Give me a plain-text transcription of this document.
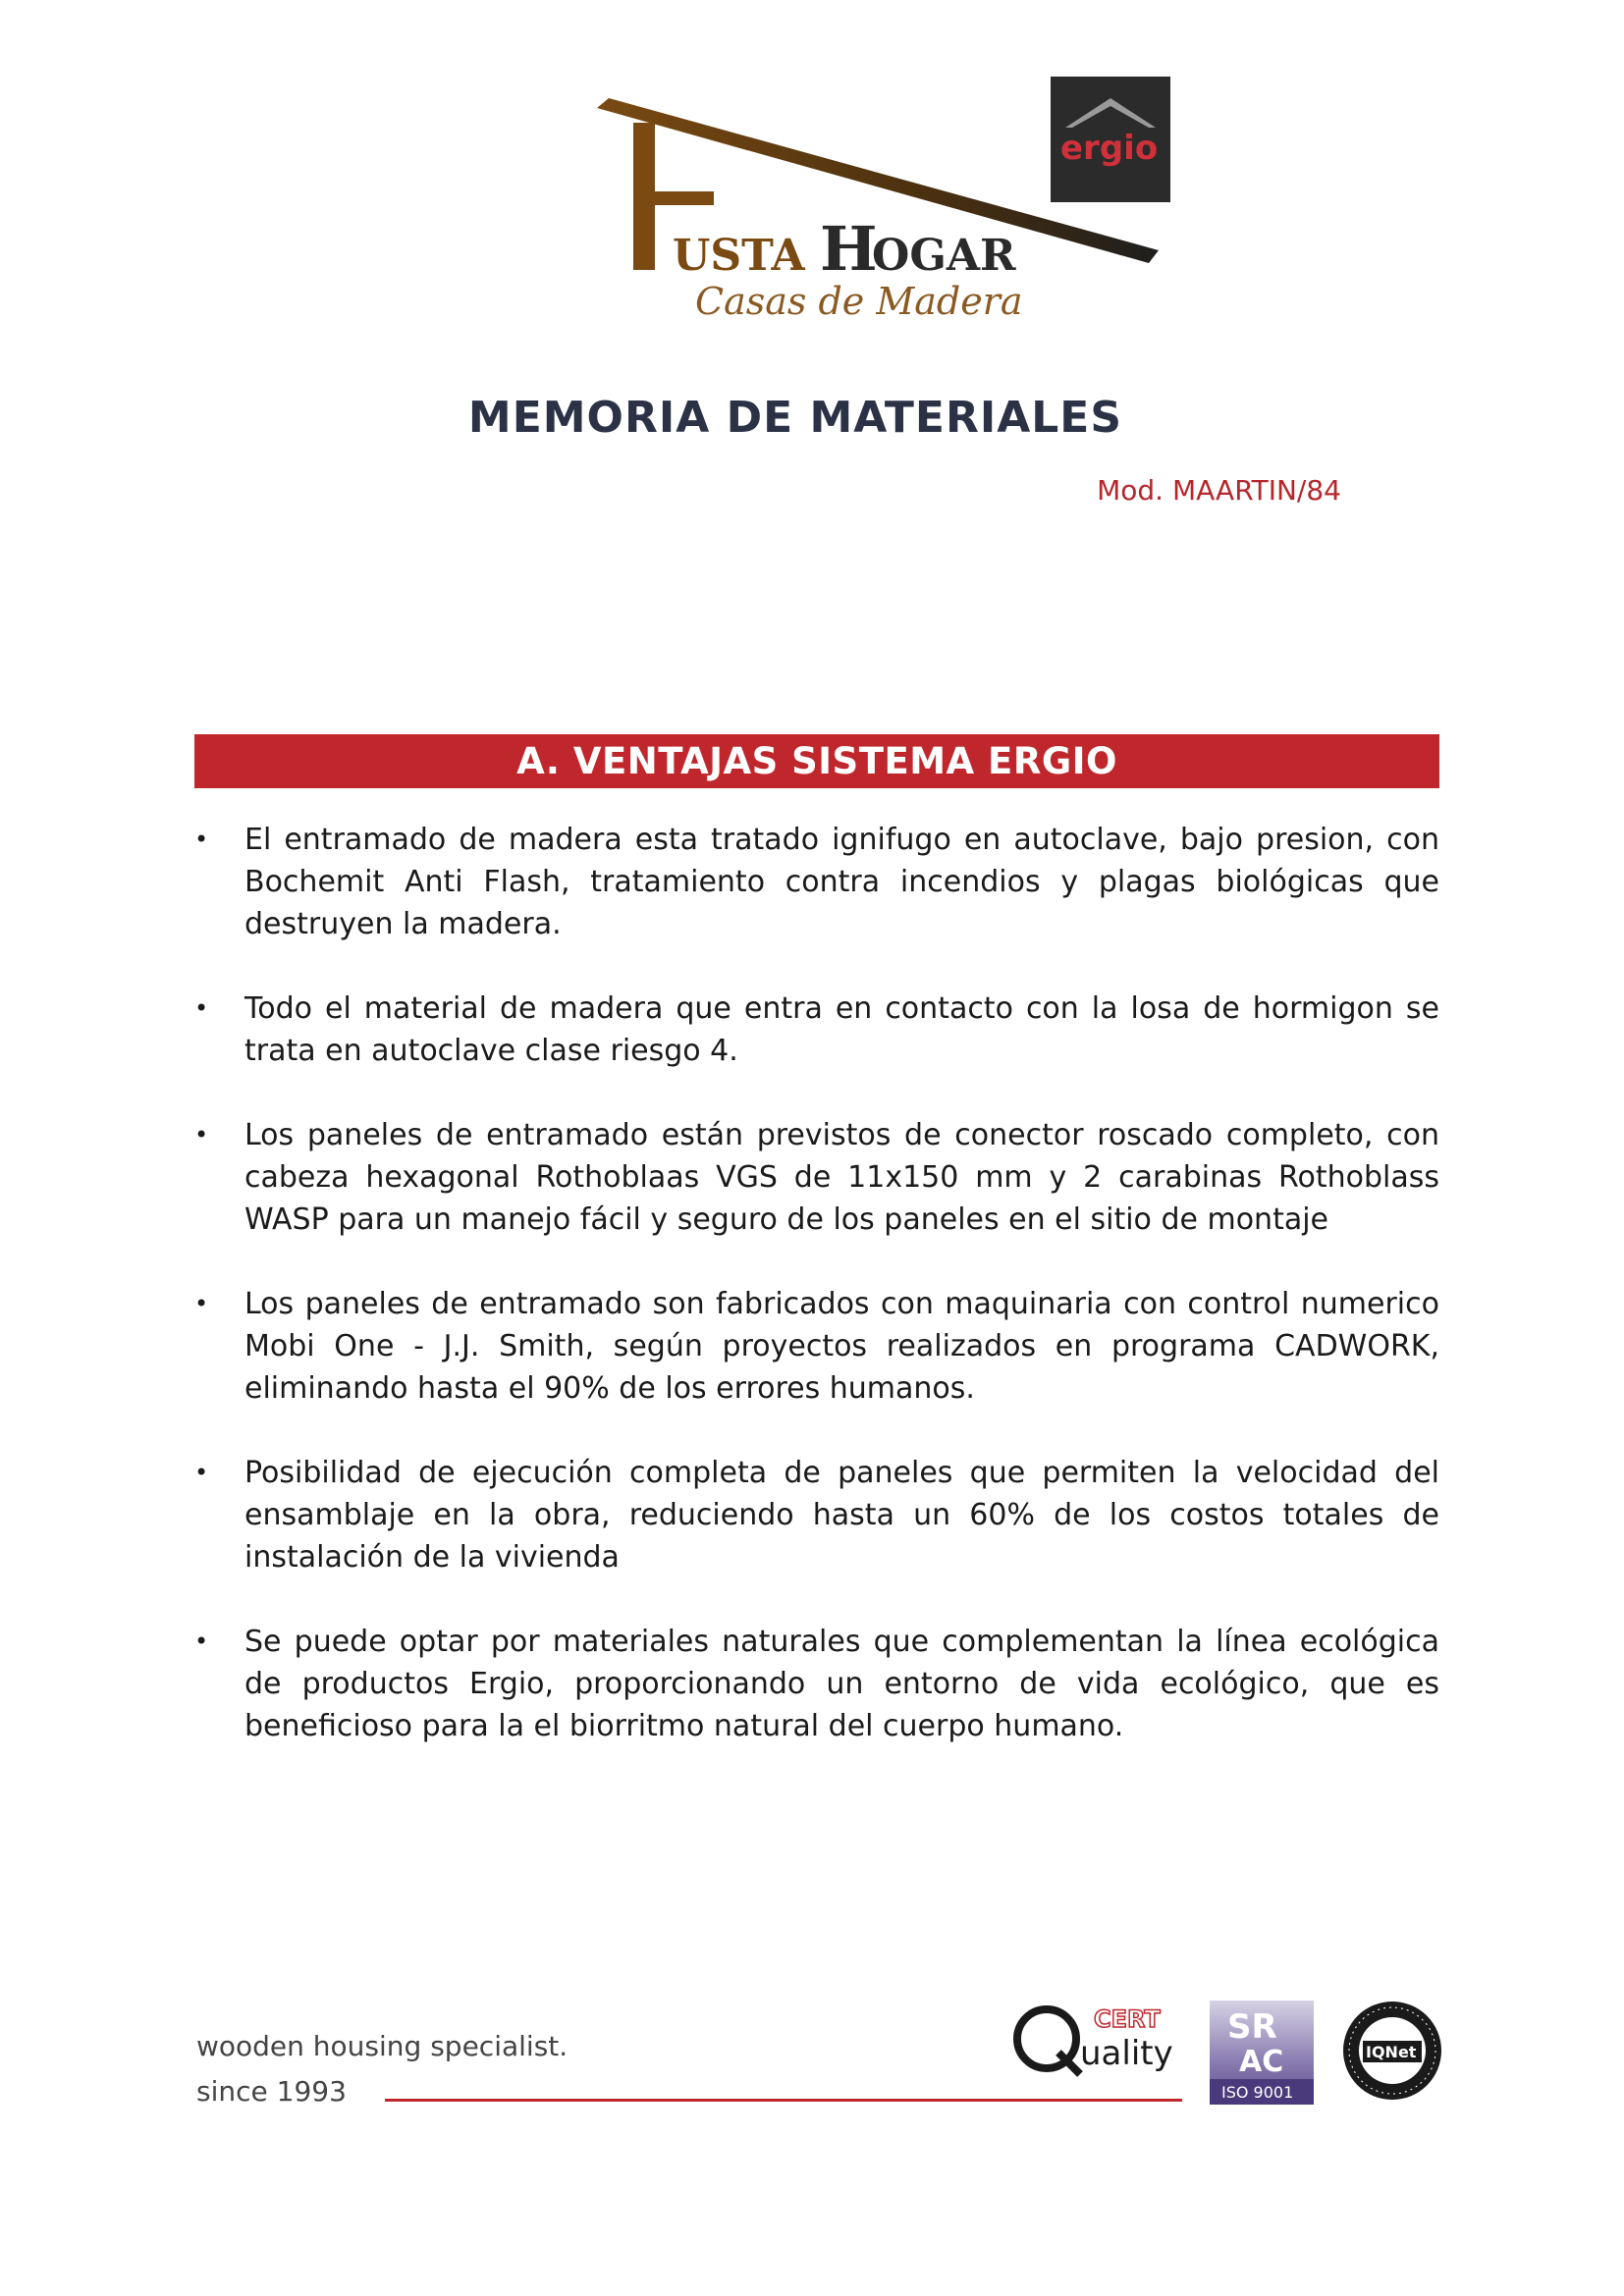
USTA H
OGAR
Casas de Madera
ergio
MEMORIA DE MATERIALES
Mod. MAARTIN/84
A. VENTAJAS SISTEMA ERGIO
• El entramado de madera esta tratado ignifugo en autoclave, bajo presion, con Bochemit Anti Flash, tratamiento contra incendios y plagas biológicas que destruyen la madera.
• Todo el material de madera que entra en contacto con la losa de hormigon se trata en autoclave clase riesgo 4.
• Los paneles de entramado están previstos de conector roscado completo, con cabeza hexagonal Rothoblaas VGS de 11x150 mm y 2 carabinas Rothoblass WASP para un manejo fácil y seguro de los paneles en el sitio de montaje
• Los paneles de entramado son fabricados con maquinaria con control numerico Mobi One - J.J. Smith, según proyectos realizados en programa CADWORK, eliminando hasta el 90% de los errores humanos.
• Posibilidad de ejecución completa de paneles que permiten la velocidad del ensamblaje en la obra, reduciendo hasta un 60% de los costos totales de instalación de la vivienda
• Se puede optar por materiales naturales que complementan la línea ecológica de productos Ergio, proporcionando un entorno de vida ecológico, que es beneficioso para la el biorritmo natural del cuerpo humano.
wooden housing specialist.
since 1993
CERT
uality
SR
AC
ISO 9001
IQNet
